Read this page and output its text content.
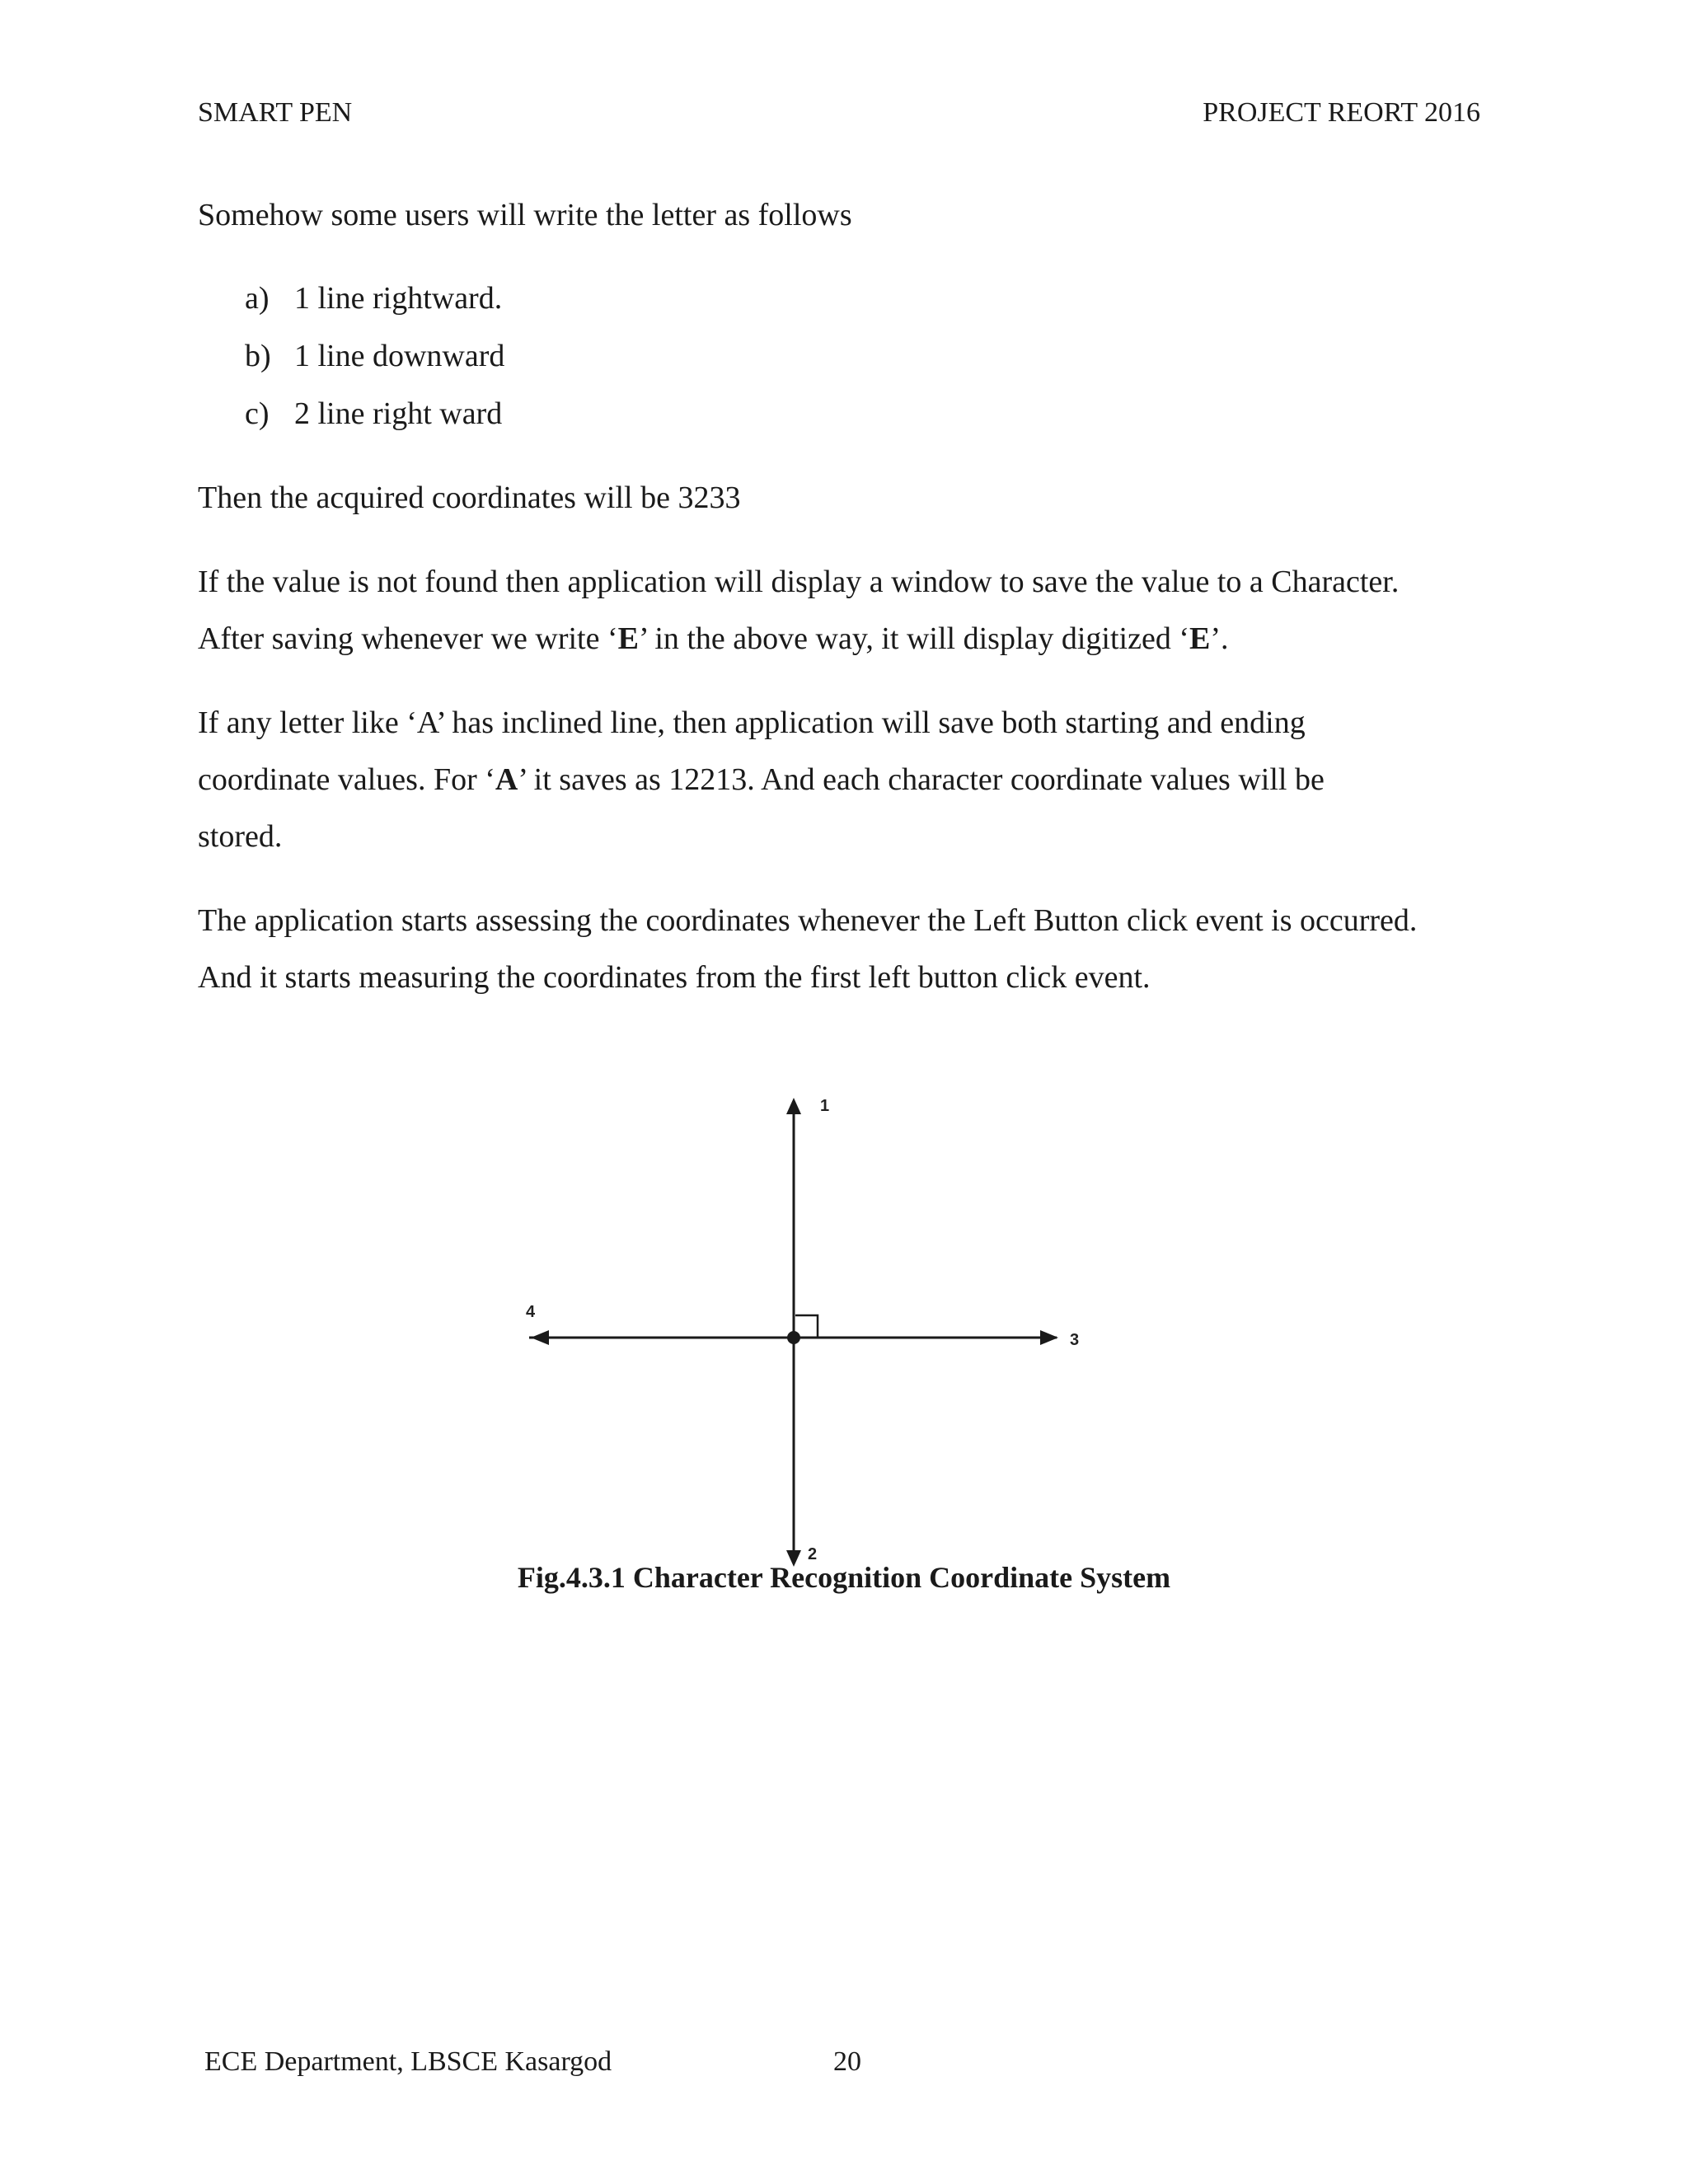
SMART PEN	PROJECT REORT 2016
Somehow some users will write the letter as follows
a) 1 line rightward.
b) 1 line downward
c) 2 line right ward
Then the acquired coordinates will be 3233
If the value is not found then application will display a window to save the value to a Character.
After saving whenever we write ‘E’ in the above way, it will display digitized ‘E’.
If any letter like ‘A’ has inclined line, then application will save both starting and ending
coordinate values. For ‘A’ it saves as 12213. And each character coordinate values will be
stored.
The application starts assessing the coordinates whenever the Left Button click event is occurred.
And it starts measuring the coordinates from the first left button click event.
1
2
3
4
Fig.4.3.1 Character Recognition Coordinate System
ECE Department, LBSCE Kasargod	20
